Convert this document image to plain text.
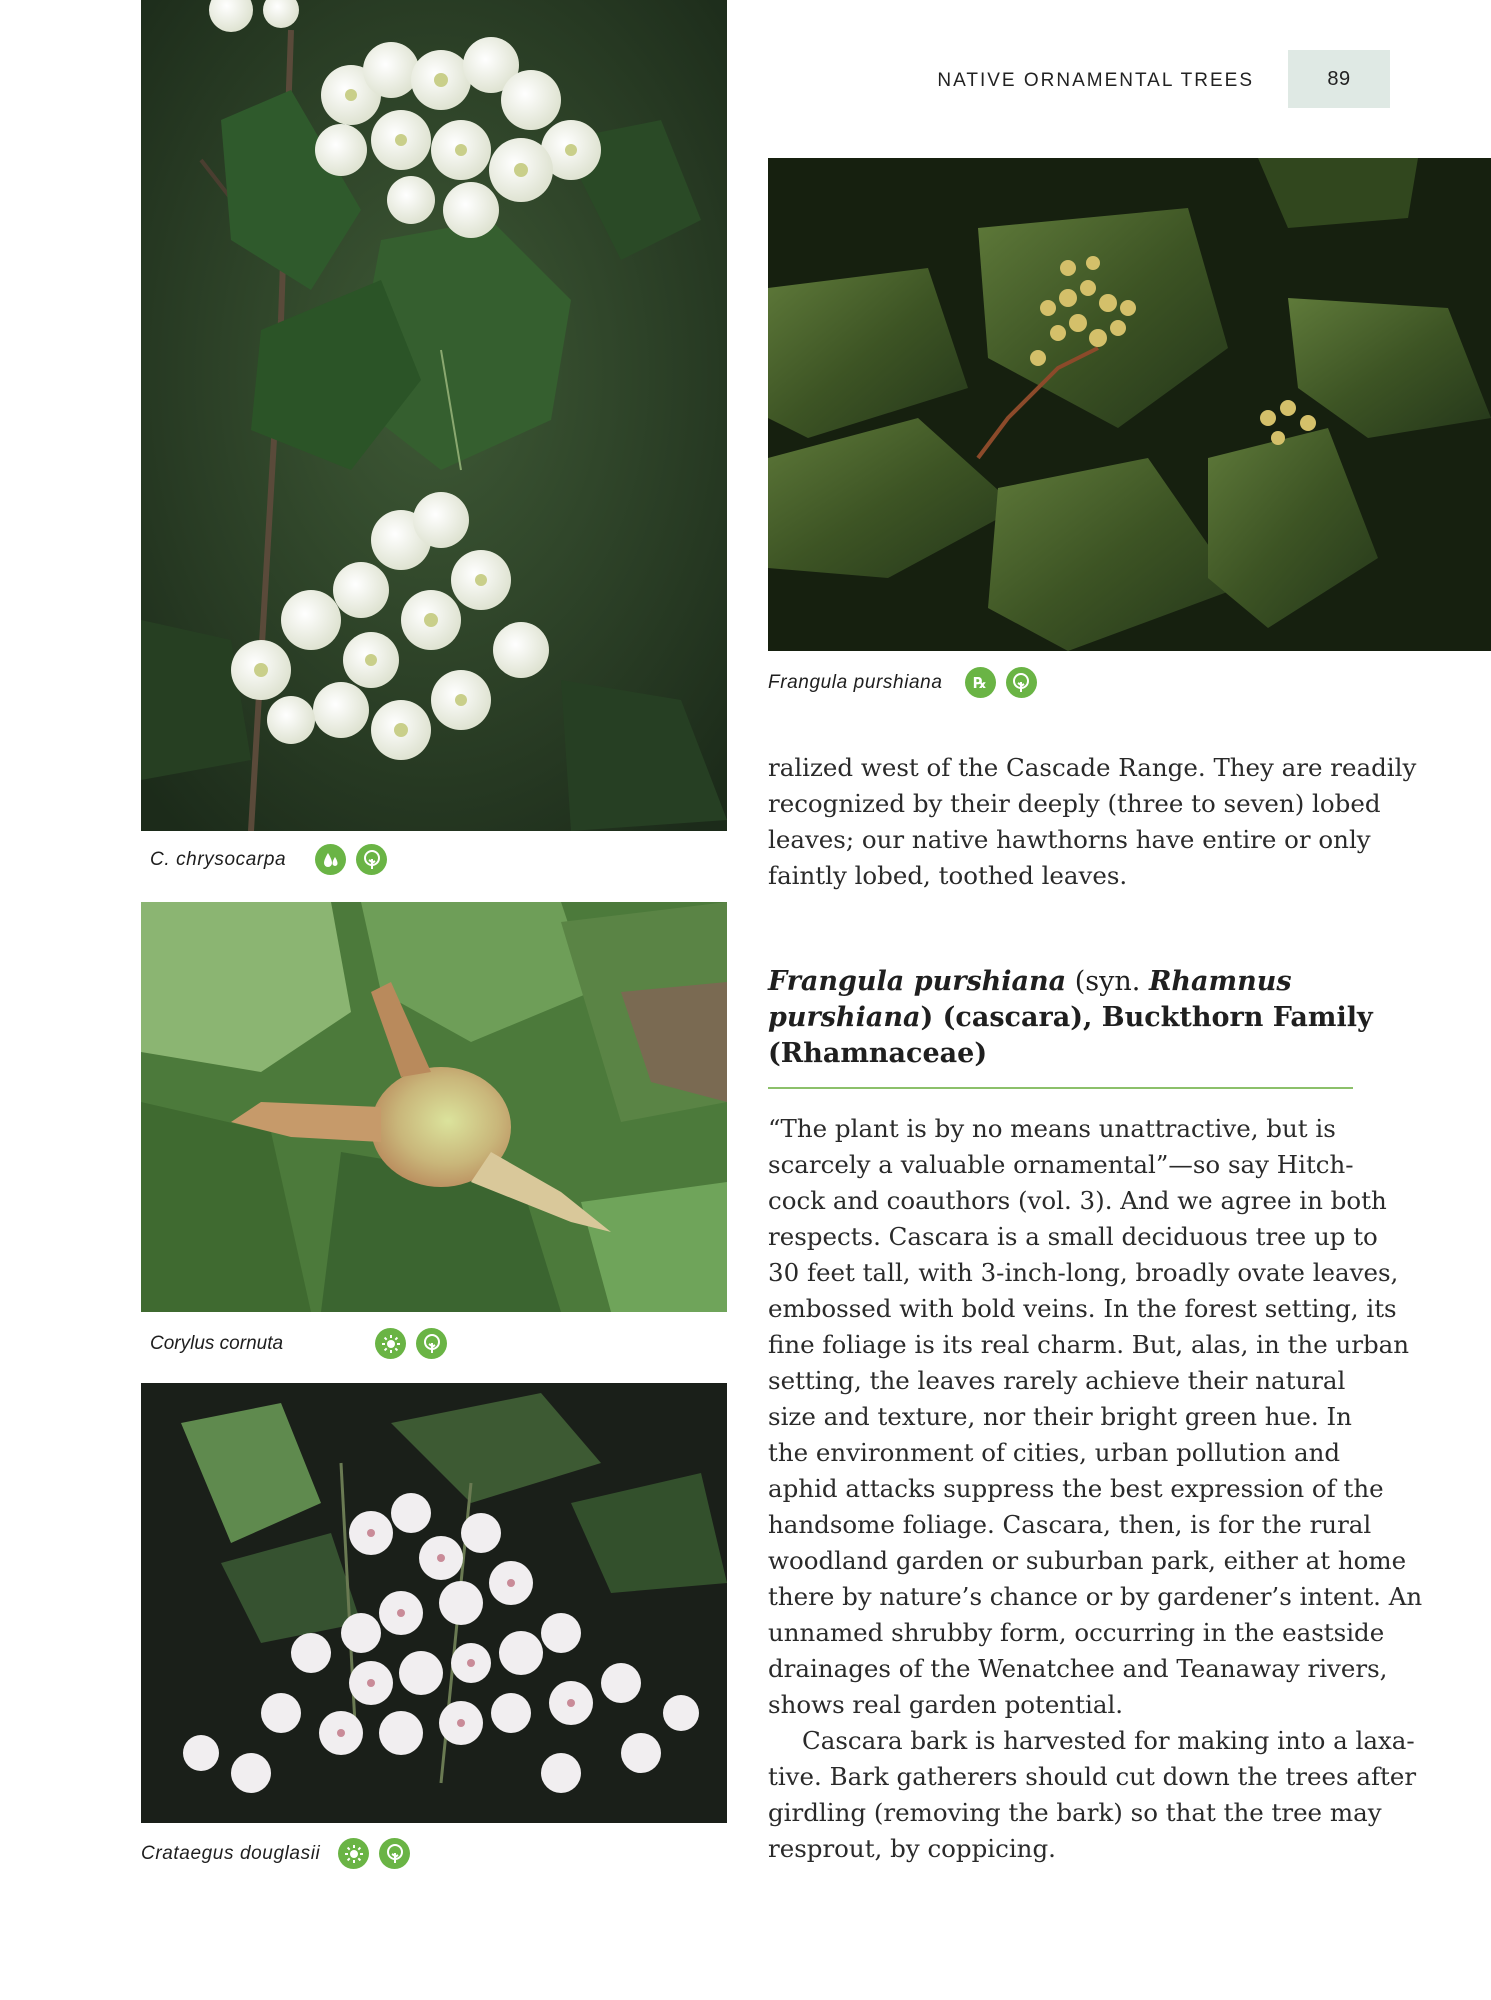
NATIVE ORNAMENTAL TREES	89
C. chrysocarpa
Corylus cornuta
Crataegus douglasii
Frangula purshiana ℞

ralized west of the Cascade Range. They are readily

recognized by their deeply (three to seven) lobed

leaves; our native hawthorns have entire or only

faintly lobed, toothed leaves.

Frangula purshiana (syn. Rhamnus
purshiana) (cascara), Buckthorn Family
(Rhamnaceae)

“The plant is by no means unattractive, but is

scarcely a valuable ornamental”—so say Hitch-

cock and coauthors (vol. 3). And we agree in both

respects. Cascara is a small deciduous tree up to

30 feet tall, with 3-inch-long, broadly ovate leaves,

embossed with bold veins. In the forest setting, its

fine foliage is its real charm. But, alas, in the urban

setting, the leaves rarely achieve their natural

size and texture, nor their bright green hue. In

the environment of cities, urban pollution and

aphid attacks suppress the best expression of the

handsome foliage. Cascara, then, is for the rural

woodland garden or suburban park, either at home

there by nature’s chance or by gardener’s intent. An

unnamed shrubby form, occurring in the eastside

drainages of the Wenatchee and Teanaway rivers,

shows real garden potential.

Cascara bark is harvested for making into a laxa-

tive. Bark gatherers should cut down the trees after

girdling (removing the bark) so that the tree may

resprout, by coppicing.
